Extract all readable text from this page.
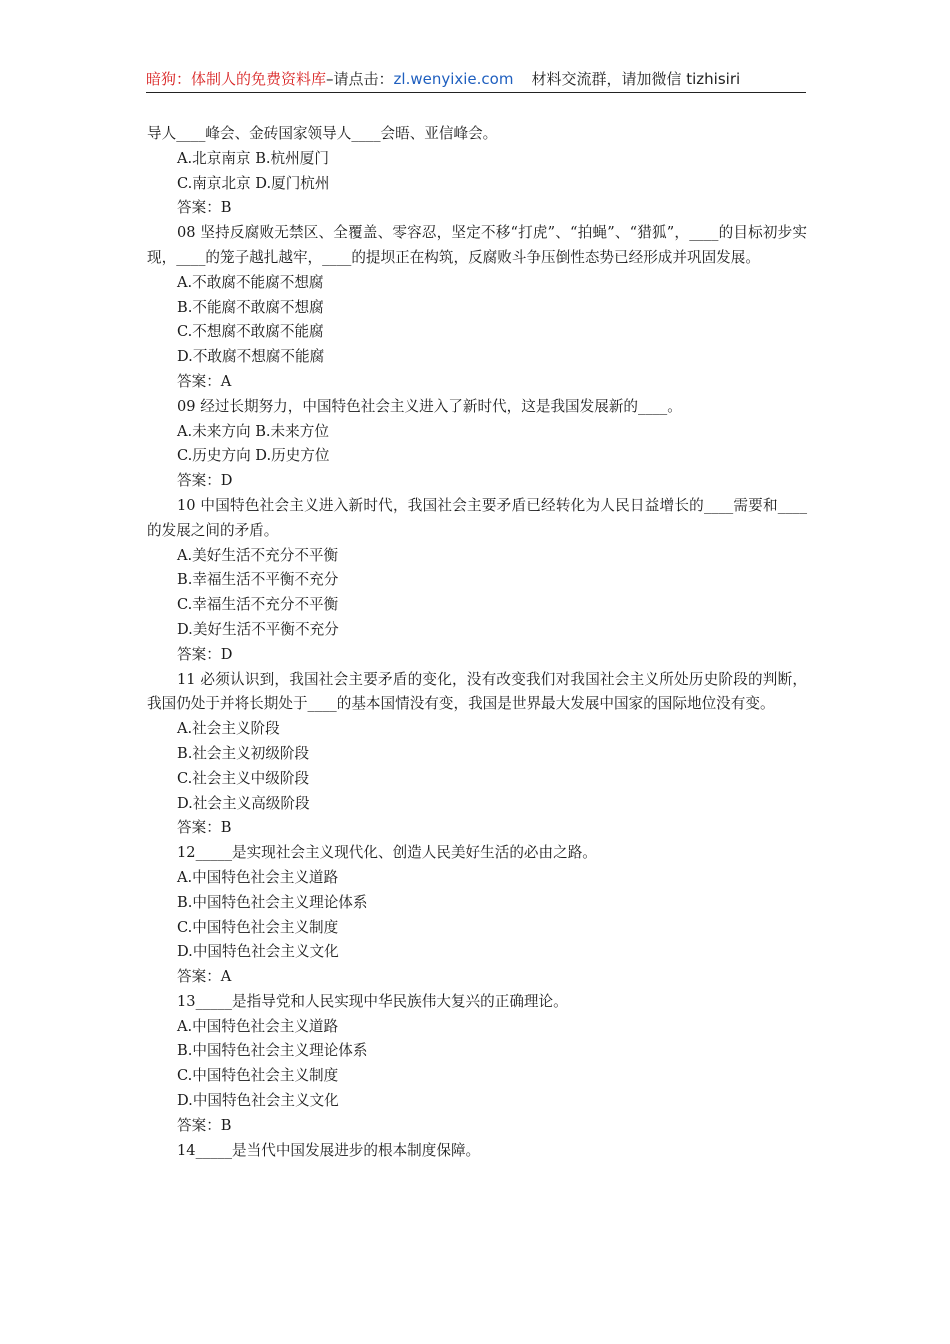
暗狗：体制人的免费资料库–请点击：zl.wenyixie.com 材料交流群，请加微信 tizhisiri

导人____峰会、金砖国家领导人____会晤、亚信峰会。

A.北京南京 B.杭州厦门

C.南京北京 D.厦门杭州

答案：B

08 坚持反腐败无禁区、全覆盖、零容忍，坚定不移“打虎”、“拍蝇”、“猎狐”，____的目标初步实现，____的笼子越扎越牢，____的提坝正在构筑，反腐败斗争压倒性态势已经形成并巩固发展。

A.不敢腐不能腐不想腐

B.不能腐不敢腐不想腐

C.不想腐不敢腐不能腐

D.不敢腐不想腐不能腐

答案：A

09 经过长期努力，中国特色社会主义进入了新时代，这是我国发展新的____。

A.未来方向 B.未来方位

C.历史方向 D.历史方位

答案：D

10 中国特色社会主义进入新时代，我国社会主要矛盾已经转化为人民日益增长的____需要和____的发展之间的矛盾。

A.美好生活不充分不平衡

B.幸福生活不平衡不充分

C.幸福生活不充分不平衡

D.美好生活不平衡不充分

答案：D

11 必须认识到，我国社会主要矛盾的变化，没有改变我们对我国社会主义所处历史阶段的判断，我国仍处于并将长期处于____的基本国情没有变，我国是世界最大发展中国家的国际地位没有变。

A.社会主义阶段

B.社会主义初级阶段

C.社会主义中级阶段

D.社会主义高级阶段

答案：B

12_____是实现社会主义现代化、创造人民美好生活的必由之路。

A.中国特色社会主义道路

B.中国特色社会主义理论体系

C.中国特色社会主义制度

D.中国特色社会主义文化

答案：A

13_____是指导党和人民实现中华民族伟大复兴的正确理论。

A.中国特色社会主义道路

B.中国特色社会主义理论体系

C.中国特色社会主义制度

D.中国特色社会主义文化

答案：B

14_____是当代中国发展进步的根本制度保障。
